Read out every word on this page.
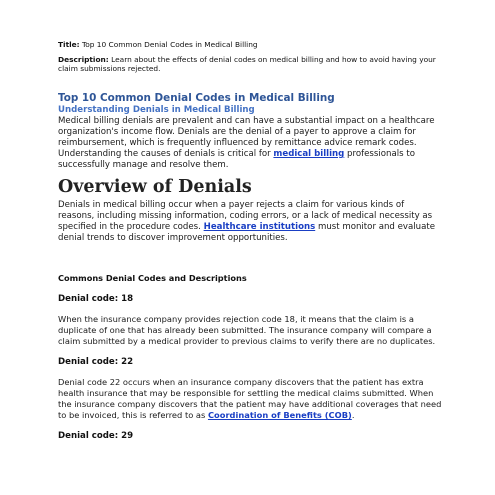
Title: Top 10 Common Denial Codes in Medical Billing

Description: Learn about the effects of denial codes on medical billing and how to avoid having your claim submissions rejected.

Top 10 Common Denial Codes in Medical Billing
Understanding Denials in Medical Billing

Medical billing denials are prevalent and can have a substantial impact on a healthcare organization's income flow. Denials are the denial of a payer to approve a claim for reimbursement, which is frequently influenced by remittance advice remark codes. Understanding the causes of denials is critical for medical billing professionals to successfully manage and resolve them.

Overview of Denials

Denials in medical billing occur when a payer rejects a claim for various kinds of reasons, including missing information, coding errors, or a lack of medical necessity as specified in the procedure codes. Healthcare institutions must monitor and evaluate denial trends to discover improvement opportunities.

Commons Denial Codes and Descriptions

Denial code: 18

When the insurance company provides rejection code 18, it means that the claim is a duplicate of one that has already been submitted. The insurance company will compare a claim submitted by a medical provider to previous claims to verify there are no duplicates.

Denial code: 22

Denial code 22 occurs when an insurance company discovers that the patient has extra health insurance that may be responsible for settling the medical claims submitted. When the insurance company discovers that the patient may have additional coverages that need to be invoiced, this is referred to as Coordination of Benefits (COB).

Denial code: 29
